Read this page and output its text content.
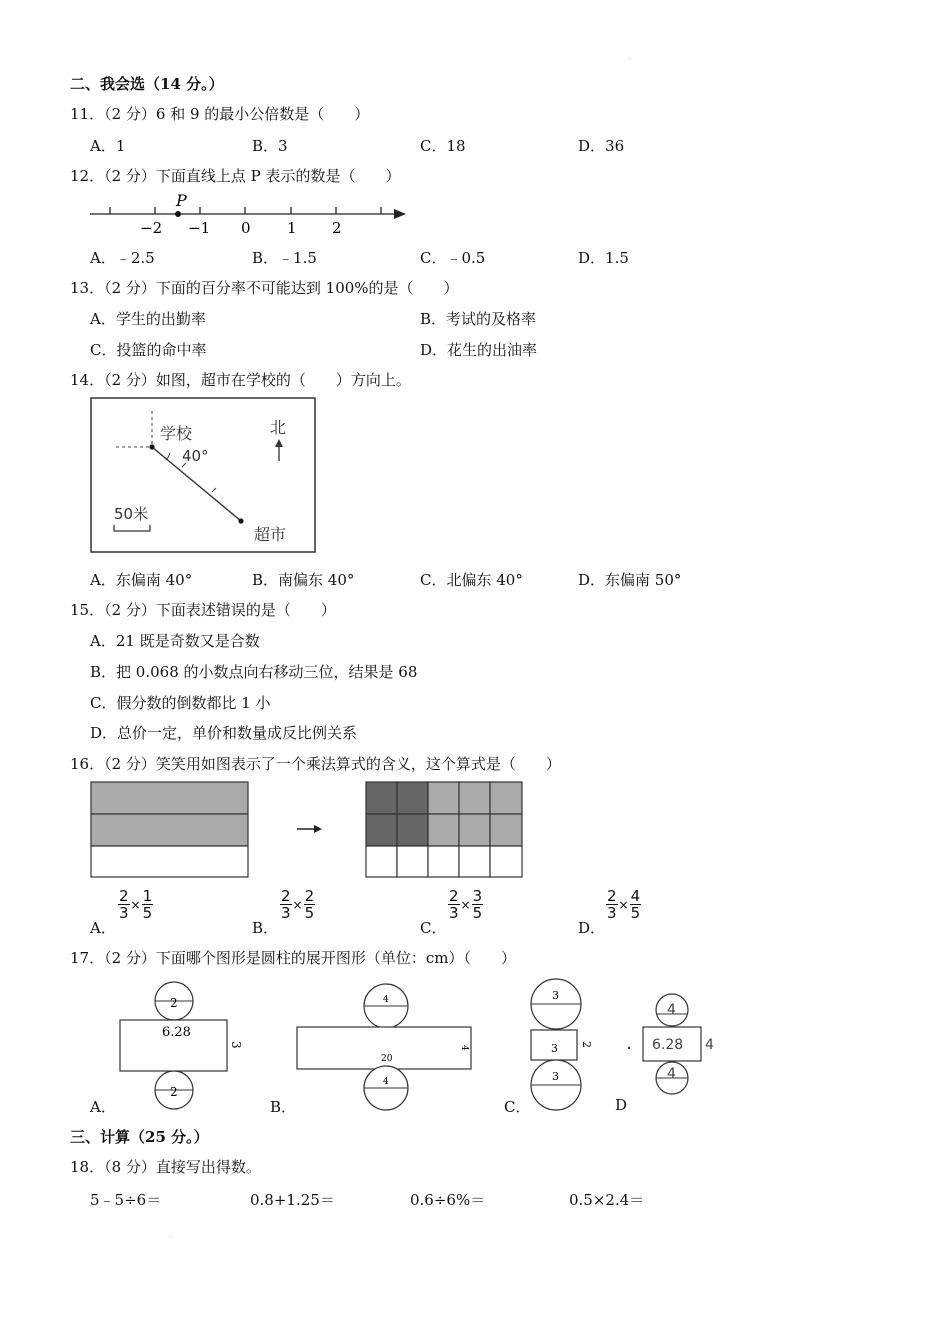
·
·
二、我会选（14 分。）
11．（2 分）6 和 9 的最小公倍数是（　　）
A．1	B．3	C．18	D．36
12．（2 分）下面直线上点 P 表示的数是（　　）
P
−2 −1 0 1 2
A．﹣2.5	B．﹣1.5	C．﹣0.5	D．1.5
13．（2 分）下面的百分率不可能达到 100%的是（　　）
A．学生的出勤率	B．考试的及格率
C．投篮的命中率	D．花生的出油率
14．（2 分）如图，超市在学校的（　　）方向上。
学校
40°
北
50米
超市
A．东偏南 40°	B．南偏东 40°	C．北偏东 40°	D．东偏南 50°
15．（2 分）下面表述错误的是（　　）
A．21 既是奇数又是合数
B．把 0.068 的小数点向右移动三位，结果是 68
C．假分数的倒数都比 1 小
D．总价一定，单价和数量成反比例关系
16．（2 分）笑笑用如图表示了一个乘法算式的含义，这个算式是（　　）
A．
$\frac{2}{3} \times \frac{1}{5}$
B．
$\frac{2}{3} \times \frac{2}{5}$
C．
$\frac{2}{3} \times \frac{3}{5}$
D．
$\frac{2}{3} \times \frac{4}{5}$
17．（2 分）下面哪个图形是圆柱的展开图形（单位：cm）（　　）
2
6.28
3
2
4
20
4
4
3
3 2
3
4
6.28 4
4
A．	B．	C．	D
三、计算（25 分。）
18．（8 分）直接写出得数。
5﹣5÷6＝	0.8+1.25＝	0.6÷6%＝	0.5×2.4＝
